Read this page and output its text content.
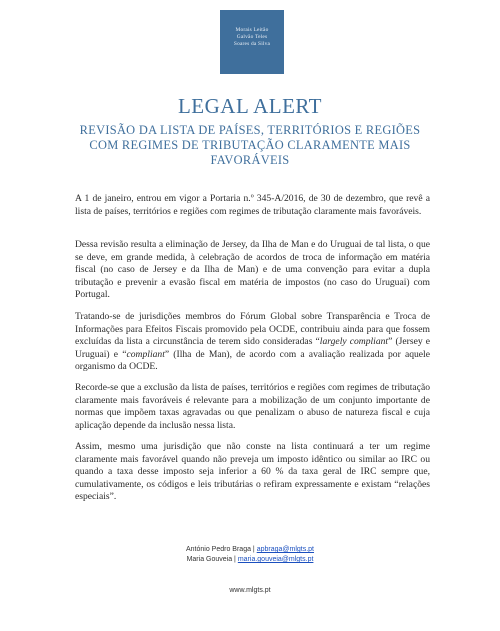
Morais Leitão
Galvão Teles
Soares da Silva
LEGAL ALERT
REVISÃO DA LISTA DE PAÍSES, TERRITÓRIOS E REGIÕES COM REGIMES DE TRIBUTAÇÃO CLARAMENTE MAIS FAVORÁVEIS

A 1 de janeiro, entrou em vigor a Portaria n.º 345-A/2016, de 30 de dezembro, que revê a lista de países, territórios e regiões com regimes de tributação claramente mais favoráveis.

Dessa revisão resulta a eliminação de Jersey, da Ilha de Man e do Uruguai de tal lista, o que se deve, em grande medida, à celebração de acordos de troca de informação em matéria fiscal (no caso de Jersey e da Ilha de Man) e de uma convenção para evitar a dupla tributação e prevenir a evasão fiscal em matéria de impostos (no caso do Uruguai) com Portugal.

Tratando-se de jurisdições membros do Fórum Global sobre Transparência e Troca de Informações para Efeitos Fiscais promovido pela OCDE, contribuiu ainda para que fossem excluídas da lista a circunstância de terem sido consideradas “largely compliant” (Jersey e Uruguai) e “compliant” (Ilha de Man), de acordo com a avaliação realizada por aquele organismo da OCDE.

Recorde-se que a exclusão da lista de países, territórios e regiões com regimes de tributação claramente mais favoráveis é relevante para a mobilização de um conjunto importante de normas que impõem taxas agravadas ou que penalizam o abuso de natureza fiscal e cuja aplicação depende da inclusão nessa lista.

Assim, mesmo uma jurisdição que não conste na lista continuará a ter um regime claramente mais favorável quando não preveja um imposto idêntico ou similar ao IRC ou quando a taxa desse imposto seja inferior a 60 % da taxa geral de IRC sempre que, cumulativamente, os códigos e leis tributárias o refiram expressamente e existam “relações especiais”.

António Pedro Braga | apbraga@mlgts.pt
Maria Gouveia | maria.gouveia@mlgts.pt
www.mlgts.pt
